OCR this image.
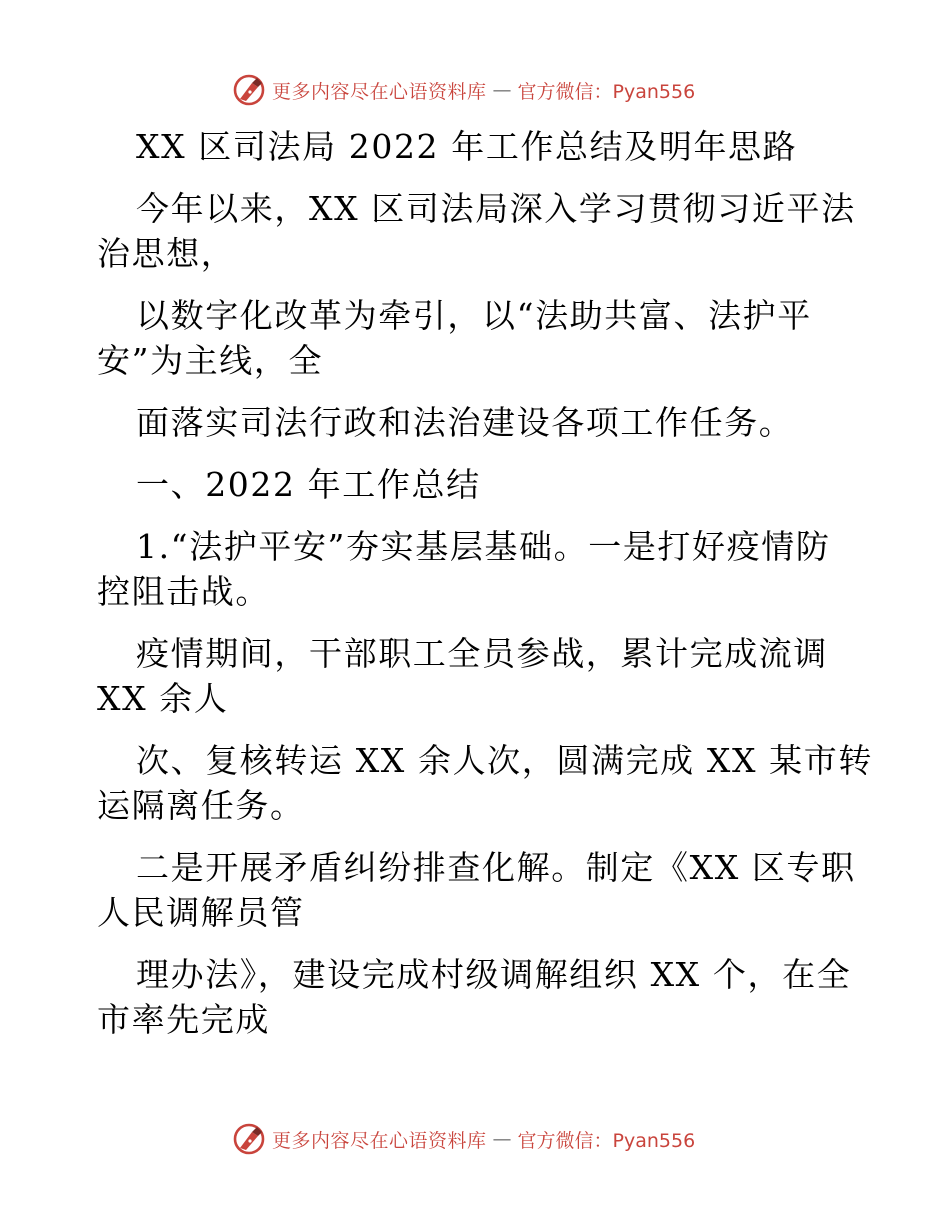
更多内容尽在心语资料库 — 官方微信：Pyan556

XX 区司法局 2022 年工作总结及明年思路

今年以来，XX 区司法局深入学习贯彻习近平法

治思想，

以数字化改革为牵引，以“法助共富、法护平

安”为主线，全

面落实司法行政和法治建设各项工作任务。

一、2022 年工作总结

1.“法护平安”夯实基层基础。一是打好疫情防

控阻击战。

疫情期间，干部职工全员参战，累计完成流调

XX 余人

次、复核转运 XX 余人次，圆满完成 XX 某市转

运隔离任务。

二是开展矛盾纠纷排查化解。制定《XX 区专职

人民调解员管

理办法》，建设完成村级调解组织 XX 个，在全

市率先完成

更多内容尽在心语资料库 — 官方微信：Pyan556
